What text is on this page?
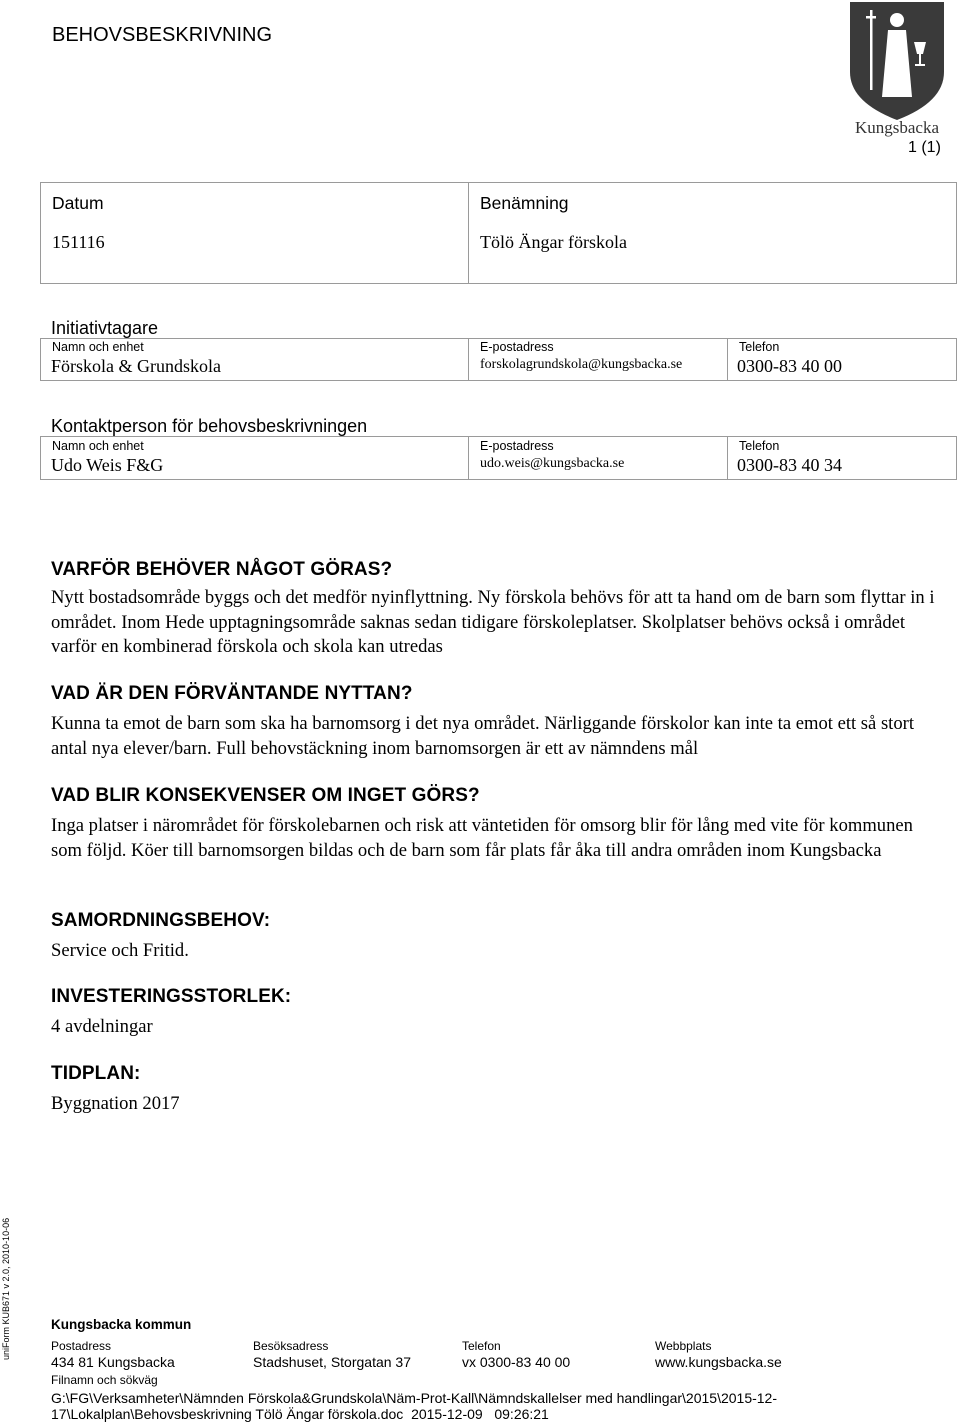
BEHOVSBESKRIVNING
Kungsbacka
1 (1)
Datum
151116
Benämning
Tölö Ängar förskola
Initiativtagare
Namn och enhet
Förskola & Grundskola
E-postadress
forskolagrundskola@kungsbacka.se
Telefon
0300-83 40 00
Kontaktperson för behovsbeskrivningen
Namn och enhet
Udo Weis F&G
E-postadress
udo.weis@kungsbacka.se
Telefon
0300-83 40 34
VARFÖR BEHÖVER NÅGOT GÖRAS?
Nytt bostadsområde byggs och det medför nyinflyttning. Ny förskola behövs för att ta hand om de barn som flyttar in i området. Inom Hede upptagningsområde saknas sedan tidigare förskoleplatser. Skolplatser behövs också i området varför en kombinerad förskola och skola kan utredas
VAD ÄR DEN FÖRVÄNTANDE NYTTAN?
Kunna ta emot de barn som ska ha barnomsorg i det nya området. Närliggande förskolor kan inte ta emot ett så stort antal nya elever/barn. Full behovstäckning inom barnomsorgen är ett av nämndens mål
VAD BLIR KONSEKVENSER OM INGET GÖRS?
Inga platser i närområdet för förskolebarnen och risk att väntetiden för omsorg blir för lång med vite för kommunen som följd. Köer till barnomsorgen bildas och de barn som får plats får åka till andra områden inom Kungsbacka
SAMORDNINGSBEHOV:
Service och Fritid.
INVESTERINGSSTORLEK:
4 avdelningar
TIDPLAN:
Byggnation 2017
uniForm KUB671 v 2.0, 2010-10-06	Kungsbacka kommun
Postadress
434 81 Kungsbacka
Besöksadress
Stadshuset, Storgatan 37
Telefon
vx 0300-83 40 00
Webbplats
www.kungsbacka.se
Filnamn och sökväg
G:\FG\Verksamheter\Nämnden Förskola&Grundskola\Näm-Prot-Kall\Nämndskallelser med handlingar\2015\2015-12-
17\Lokalplan\Behovsbeskrivning Tölö Ängar förskola.doc  2015-12-09   09:26:21
